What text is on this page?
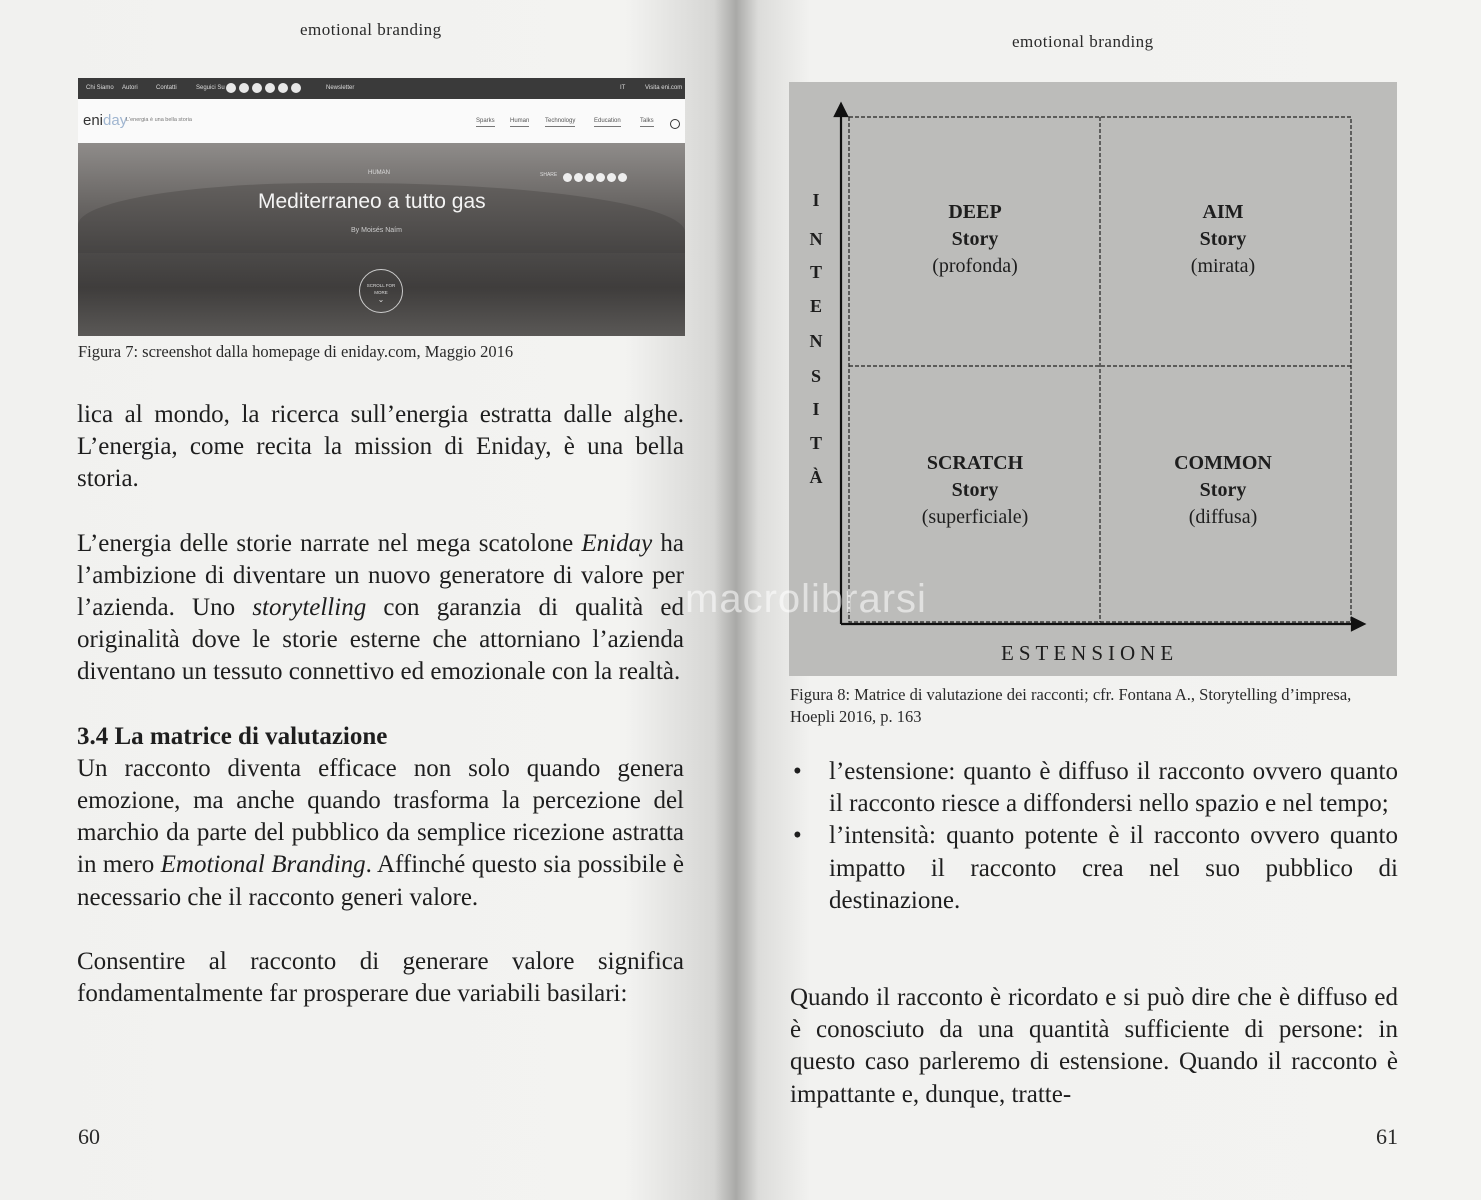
emotional branding
Chi Siamo Autori	Contatti	Seguici Su	Newsletter	IT	Visita eni.com
eniday
L'energia è una bella storia	Sparks	Human	Technology	Education	Talks
HUMAN	SHARE
Mediterraneo a tutto gas
By Moisés Naím
SCROLL FOR
MORE
⌄
Figura 7: screenshot dalla homepage di eniday.com, Maggio 2016

lica al mondo, la ricerca sull’energia estratta dalle alghe. L’energia, come recita la mission di Eniday, è una bella storia.

L’energia delle storie narrate nel mega scatolone Eniday ha l’ambizione di diventare un nuovo generatore di valore per l’azienda. Uno storytelling con garanzia di qualità ed originalità dove le storie esterne che attorniano l’azienda diventano un tessuto connettivo ed emozionale con la realtà.

3.4 La matrice di valutazione

Un racconto diventa efficace non solo quando genera emozione, ma anche quando trasforma la percezione del marchio da parte del pubblico da semplice ricezione astratta in mero Emotional Branding. Affinché questo sia possibile è necessario che il racconto generi valore.

Consentire al racconto di generare valore significa fondamentalmente far prosperare due variabili basilari:

60
emotional branding
I
N
T
E
N
S
I
T
À
DEEP
Story
(profonda)
AIM
Story
(mirata)
SCRATCH
Story
(superficiale)
COMMON
Story
(diffusa)
ESTENSIONE
Figura 8: Matrice di valutazione dei racconti; cfr. Fontana A., Storytelling d’impresa, Hoepli 2016, p. 163
• l’estensione: quanto è diffuso il racconto ovvero quanto il racconto riesce a diffondersi nello spazio e nel tempo;
• l’intensità: quanto potente è il racconto ovvero quanto impatto il racconto crea nel suo pubblico di destinazione.

Quando il racconto è ricordato e si può dire che è diffuso ed è conosciuto da una quantità sufficiente di persone: in questo caso parleremo di estensione. Quando il racconto è impattante e, dunque, tratte-

61
macrolibrarsi
